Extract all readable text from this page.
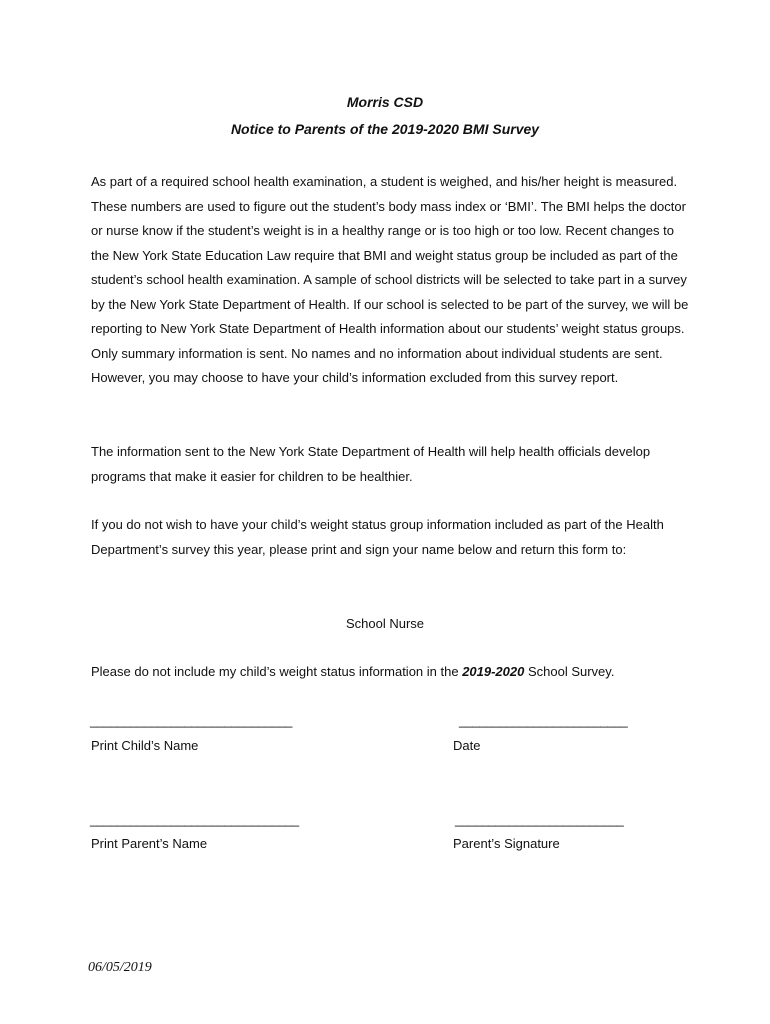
Morris CSD

Notice to Parents of the 2019-2020 BMI Survey

As part of a required school health examination, a student is weighed, and his/her height is measured. These numbers are used to figure out the student’s body mass index or ‘BMI’. The BMI helps the doctor or nurse know if the student’s weight is in a healthy range or is too high or too low. Recent changes to the New York State Education Law require that BMI and weight status group be included as part of the student’s school health examination. A sample of school districts will be selected to take part in a survey by the New York State Department of Health. If our school is selected to be part of the survey, we will be reporting to New York State Department of Health information about our students’ weight status groups. Only summary information is sent. No names and no information about individual students are sent. However, you may choose to have your child’s information excluded from this survey report.

The information sent to the New York State Department of Health will help health officials develop programs that make it easier for children to be healthier.

If you do not wish to have your child’s weight status group information included as part of the Health Department’s survey this year, please print and sign your name below and return this form to:

School Nurse

Please do not include my child’s weight status information in the 2019-2020 School Survey.

______________________________
Print Child’s Name
_________________________
Date
_______________________________
Print Parent’s Name
_________________________
Parent’s Signature
06/05/2019
